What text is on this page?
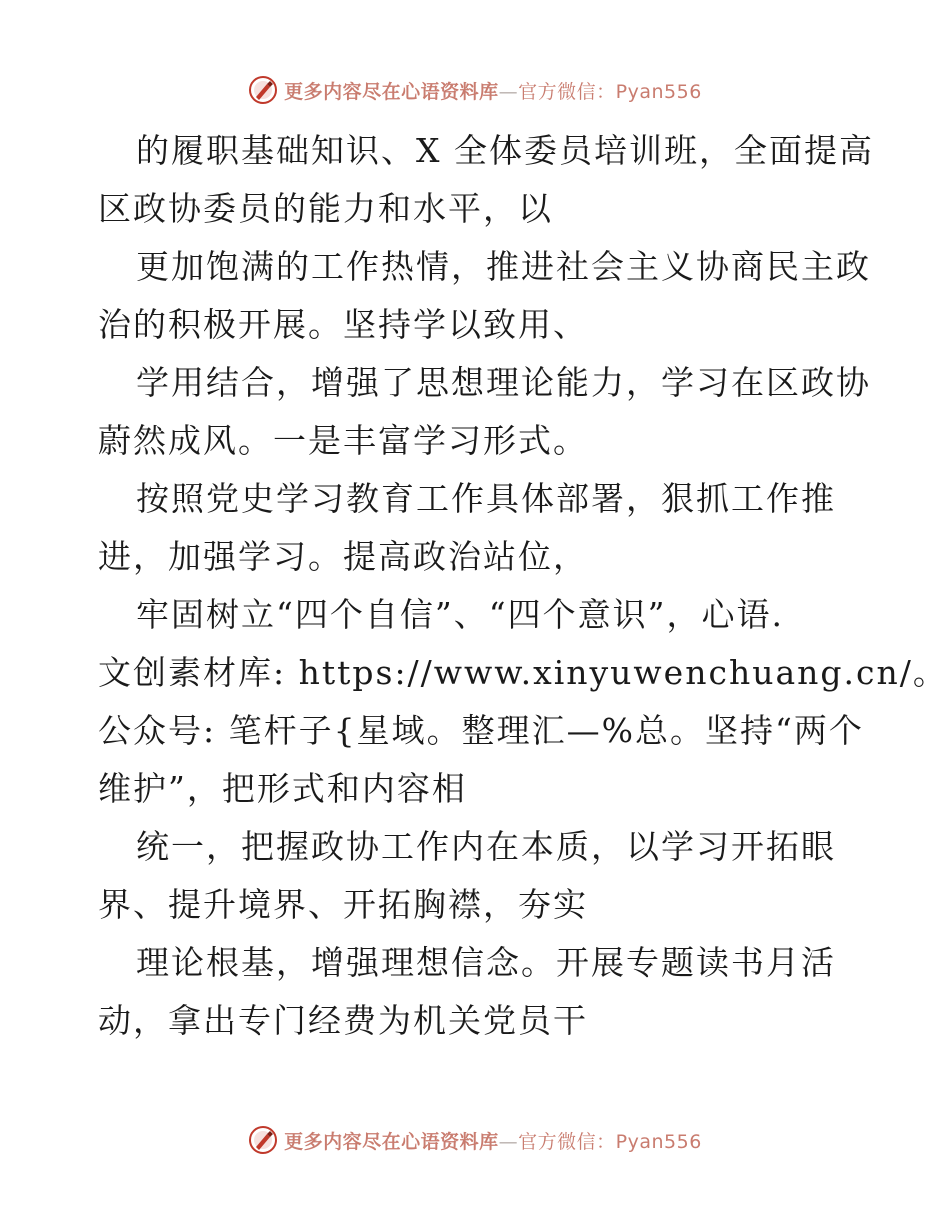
更多内容尽在心语资料库—官方微信：Pyan556
的履职基础知识、X 全体委员培训班，全面提高
区政协委员的能力和水平，以
更加饱满的工作热情，推进社会主义协商民主政
治的积极开展。坚持学以致用、
学用结合，增强了思想理论能力，学习在区政协
蔚然成风。一是丰富学习形式。
按照党史学习教育工作具体部署，狠抓工作推
进，加强学习。提高政治站位，
牢固树立“四个自信”、“四个意识”，心语.
文创素材库: https://www.xinyuwenchuang.cn/。
公众号: 笔杆子{星域。整理汇—%总。坚持“两个
维护”，把形式和内容相
统一，把握政协工作内在本质，以学习开拓眼
界、提升境界、开拓胸襟，夯实
理论根基，增强理想信念。开展专题读书月活
动，拿出专门经费为机关党员干
更多内容尽在心语资料库—官方微信：Pyan556
